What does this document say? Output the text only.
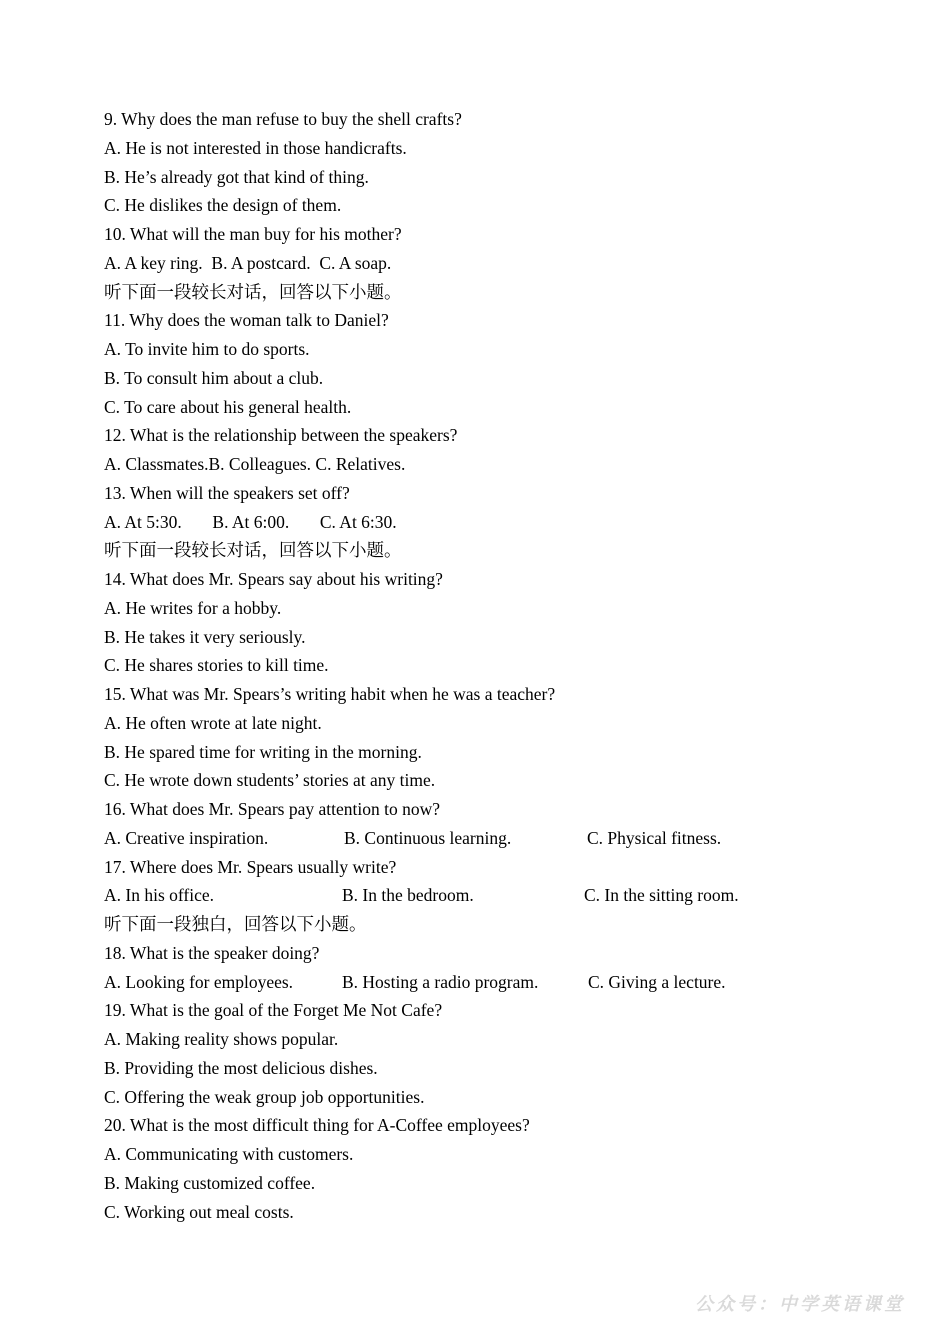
9. Why does the man refuse to buy the shell crafts?
A. He is not interested in those handicrafts.
B. He’s already got that kind of thing.
C. He dislikes the design of them.
10. What will the man buy for his mother?
A. A key ring.  B. A postcard.  C. A soap.
听下面一段较长对话，回答以下小题。
11. Why does the woman talk to Daniel?
A. To invite him to do sports.
B. To consult him about a club.
C. To care about his general health.
12. What is the relationship between the speakers?
A. Classmates.B. Colleagues. C. Relatives.
13. When will the speakers set off?
A. At 5:30.       B. At 6:00.       C. At 6:30.
听下面一段较长对话，回答以下小题。
14. What does Mr. Spears say about his writing?
A. He writes for a hobby.
B. He takes it very seriously.
C. He shares stories to kill time.
15. What was Mr. Spears’s writing habit when he was a teacher?
A. He often wrote at late night.
B. He spared time for writing in the morning.
C. He wrote down students’ stories at any time.
16. What does Mr. Spears pay attention to now?
A. Creative inspiration.	B. Continuous learning.	C. Physical fitness.
17. Where does Mr. Spears usually write?
A. In his office.	B. In the bedroom.	C. In the sitting room.
听下面一段独白，回答以下小题。
18. What is the speaker doing?
A. Looking for employees.	B. Hosting a radio program.	C. Giving a lecture.
19. What is the goal of the Forget Me Not Cafe?
A. Making reality shows popular.
B. Providing the most delicious dishes.
C. Offering the weak group job opportunities.
20. What is the most difficult thing for A-Coffee employees?
A. Communicating with customers.
B. Making customized coffee.
C. Working out meal costs.
公众号：中学英语课堂
